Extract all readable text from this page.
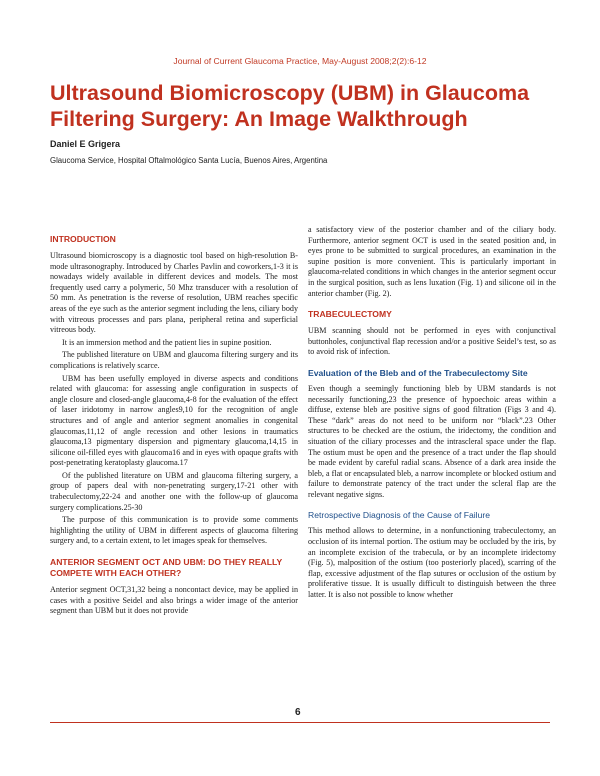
Journal of Current Glaucoma Practice, May-August 2008;2(2):6-12
Ultrasound Biomicroscopy (UBM) in Glaucoma Filtering Surgery: An Image Walkthrough
Daniel E Grigera
Glaucoma Service, Hospital Oftalmológico Santa Lucía, Buenos Aires, Argentina
INTRODUCTION

Ultrasound biomicroscopy is a diagnostic tool based on high-resolution B-mode ultrasonography. Introduced by Charles Pavlin and coworkers,1-3 it is nowadays widely available in different devices and models. The most frequently used carry a polymeric, 50 Mhz transducer with a resolution of 50 mm. As penetration is the reverse of resolution, UBM reaches specific areas of the eye such as the anterior segment including the lens, ciliary body with vitreous processes and pars plana, peripheral retina and superficial vitreous body.

It is an immersion method and the patient lies in supine position.

The published literature on UBM and glaucoma filtering surgery and its complications is relatively scarce.

UBM has been usefully employed in diverse aspects and conditions related with glaucoma: for assessing angle configuration in suspects of angle closure and closed-angle glaucoma,4-8 for the evaluation of the effect of laser iridotomy in narrow angles9,10 for the recognition of angle structures and of angle and anterior segment anomalies in congenital glaucomas,11,12 of angle recession and other lesions in traumatics glaucoma,13 pigmentary dispersion and pigmentary glaucoma,14,15 in silicone oil-filled eyes with glaucoma16 and in eyes with opaque grafts with post-penetrating keratoplasty glaucoma.17

Of the published literature on UBM and glaucoma filtering surgery, a group of papers deal with non-penetrating surgery,17-21 other with trabeculectomy,22-24 and another one with the follow-up of glaucoma surgery complications.25-30

The purpose of this communication is to provide some comments highlighting the utility of UBM in different aspects of glaucoma filtering surgery and, to a certain extent, to let images speak for themselves.

ANTERIOR SEGMENT OCT AND UBM: DO THEY REALLY COMPETE WITH EACH OTHER?

Anterior segment OCT,31,32 being a noncontact device, may be applied in cases with a positive Seidel and also brings a wider image of the anterior segment than UBM but it does not provide

a satisfactory view of the posterior chamber and of the ciliary body. Furthermore, anterior segment OCT is used in the seated position and, in eyes prone to be submitted to surgical procedures, an examination in the supine position is more convenient. This is particularly important in glaucoma-related conditions in which changes in the anterior segment occur in the surgical position, such as lens luxation (Fig. 1) and silicone oil in the anterior chamber (Fig. 2).

TRABECULECTOMY

UBM scanning should not be performed in eyes with conjunctival buttonholes, conjunctival flap recession and/or a positive Seidel’s test, so as to avoid risk of infection.

Evaluation of the Bleb and of the Trabeculectomy Site

Even though a seemingly functioning bleb by UBM standards is not necessarily functioning,23 the presence of hypoechoic areas within a diffuse, extense bleb are positive signs of good filtration (Figs 3 and 4). These “dark” areas do not need to be uniform nor “black”.23 Other structures to be checked are the ostium, the iridectomy, the condition and situation of the ciliary processes and the intrascleral space under the flap. The ostium must be open and the presence of a tract under the flap should be made evident by careful radial scans. Absence of a dark area inside the bleb, a flat or encapsulated bleb, a narrow incomplete or blocked ostium and failure to demonstrate patency of the tract under the scleral flap are the relevant negative signs.

Retrospective Diagnosis of the Cause of Failure

This method allows to determine, in a nonfunctioning trabeculectomy, an occlusion of its internal portion. The ostium may be occluded by the iris, by an incomplete excision of the trabecula, or by an incomplete iridectomy (Fig. 5), malposition of the ostium (too posteriorly placed), scarring of the flap, excessive adjustment of the flap sutures or occlusion of the ostium by proliferative tissue. It is usually difficult to distinguish between the three latter. It is also not possible to know whether

6
